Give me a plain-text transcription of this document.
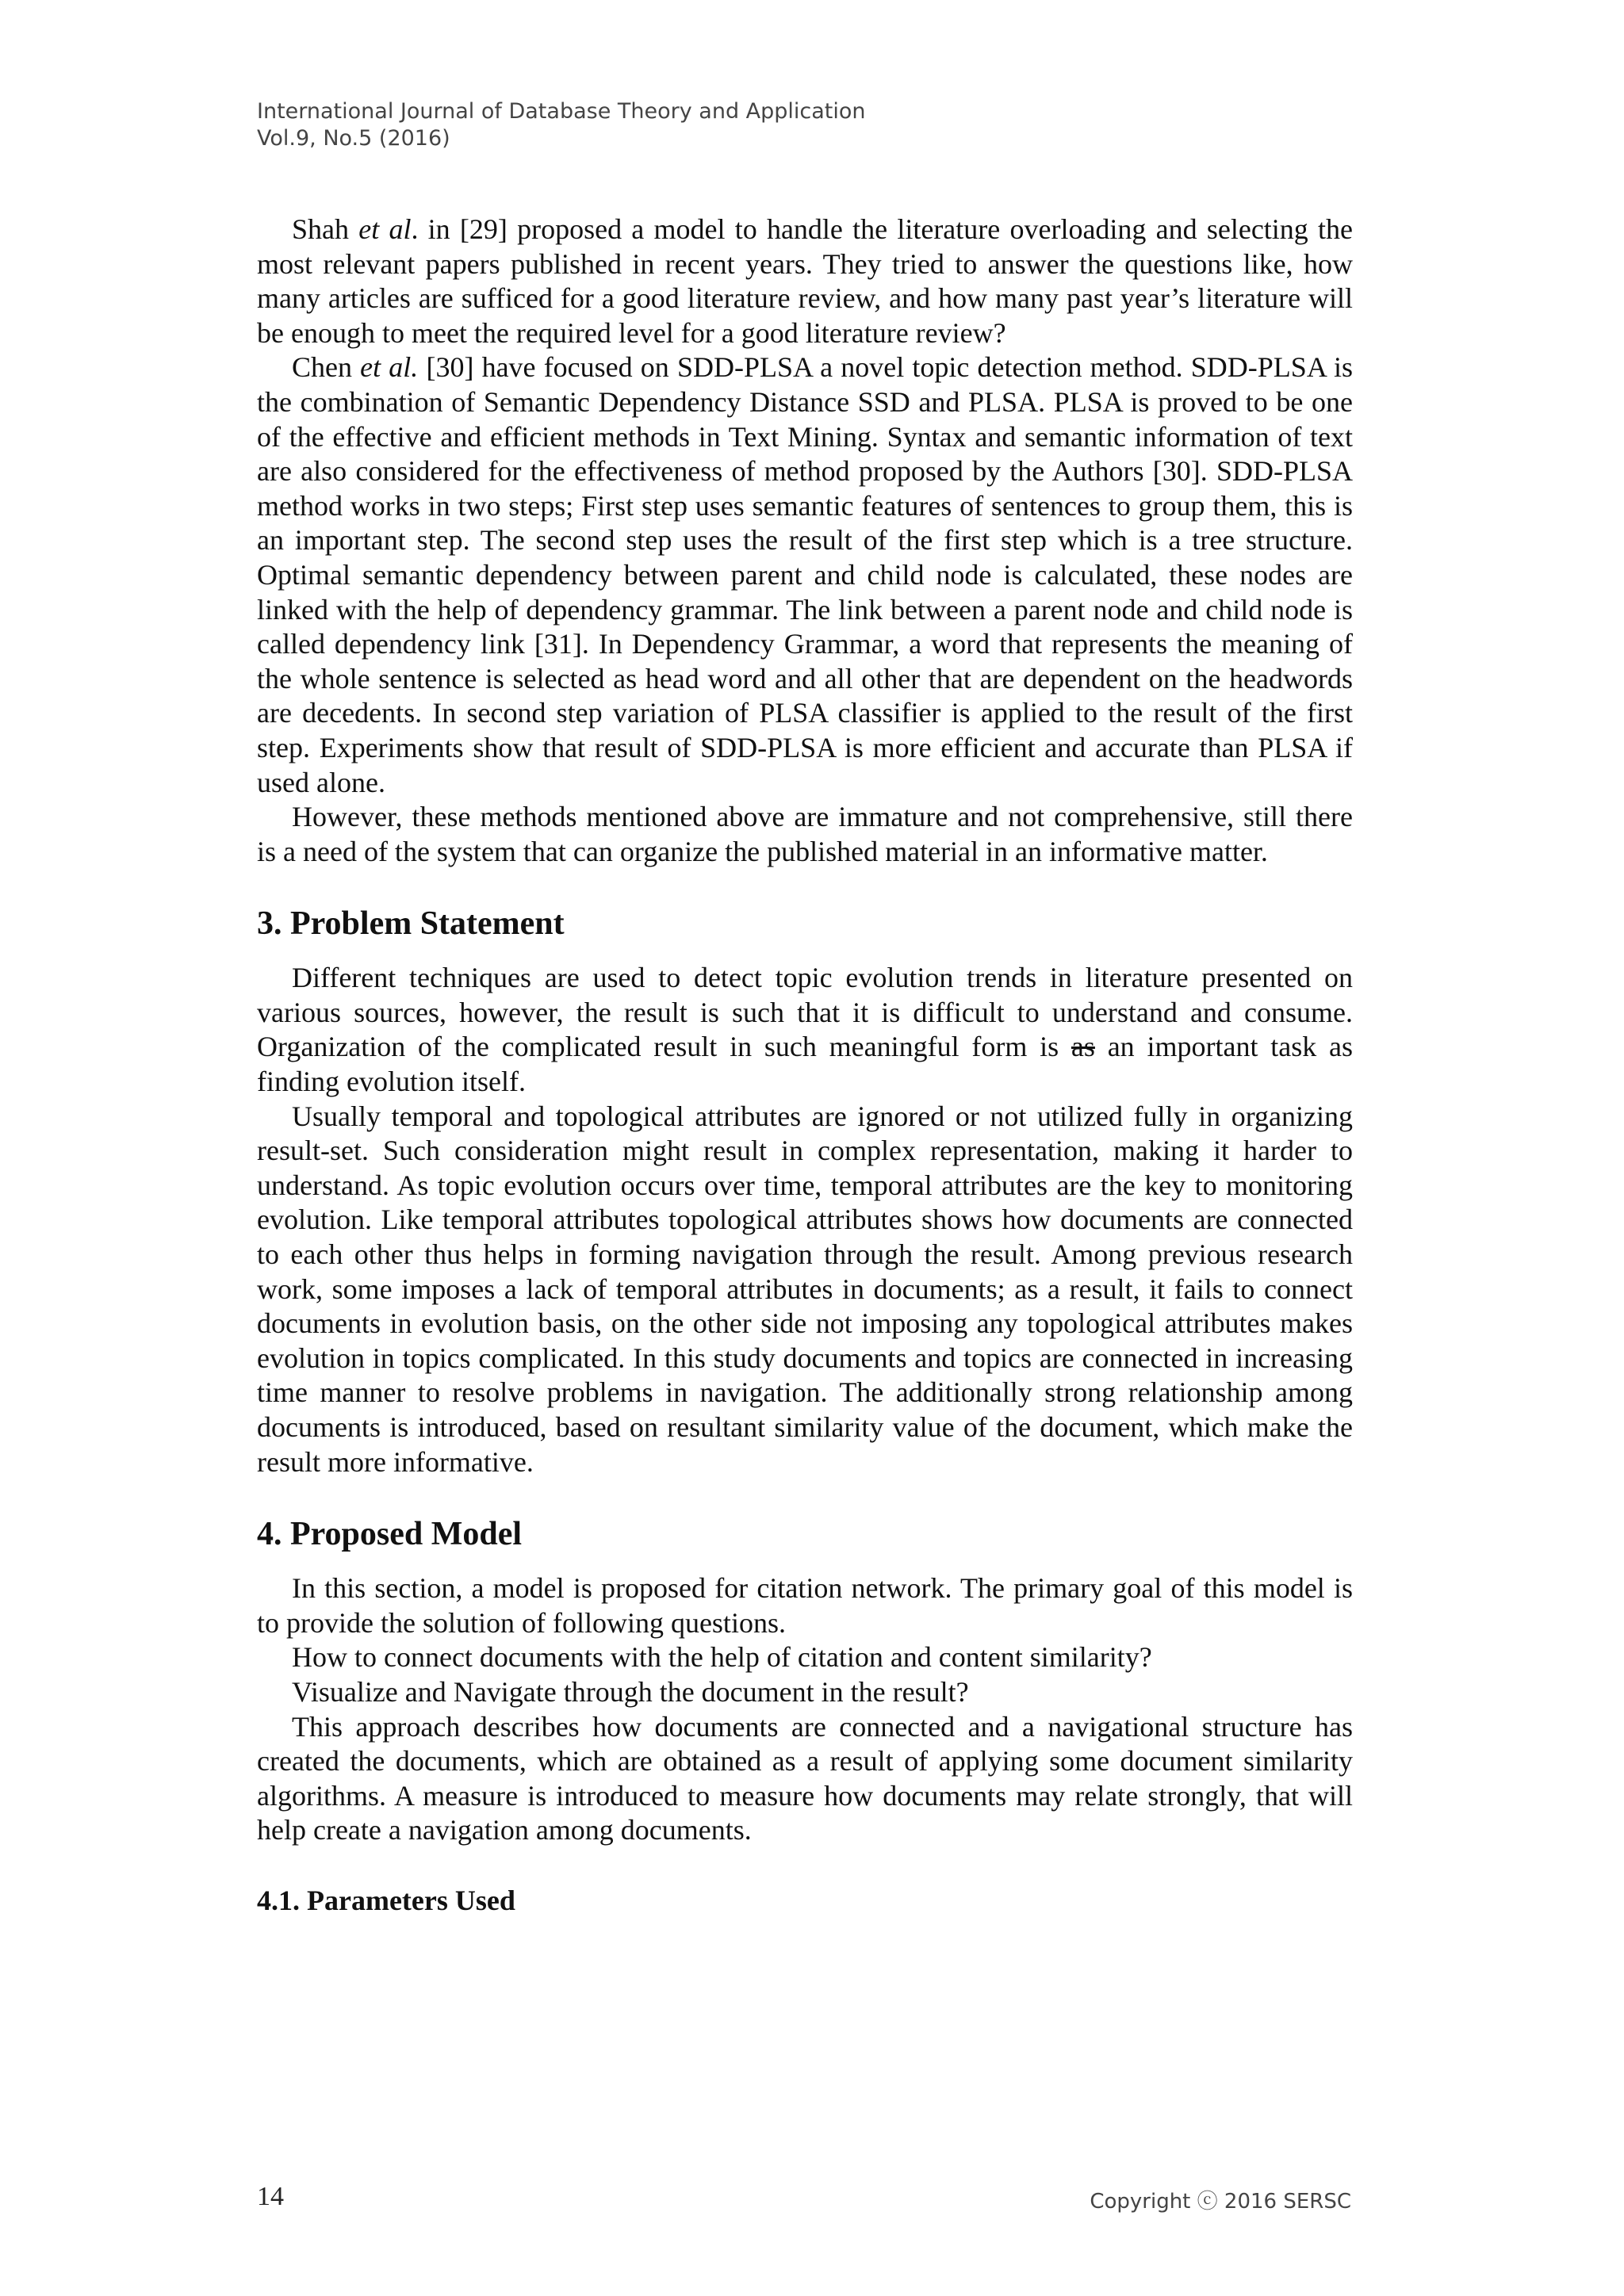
International Journal of Database Theory and Application
Vol.9, No.5 (2016)

Shah et al. in [29] proposed a model to handle the literature overloading and selecting the most relevant papers published in recent years. They tried to answer the questions like, how many articles are sufficed for a good literature review, and how many past year’s literature will be enough to meet the required level for a good literature review?

Chen et al. [30] have focused on SDD-PLSA a novel topic detection method. SDD-PLSA is the combination of Semantic Dependency Distance SSD and PLSA. PLSA is proved to be one of the effective and efficient methods in Text Mining. Syntax and semantic information of text are also considered for the effectiveness of method proposed by the Authors [30]. SDD-PLSA method works in two steps; First step uses semantic features of sentences to group them, this is an important step. The second step uses the result of the first step which is a tree structure. Optimal semantic dependency between parent and child node is calculated, these nodes are linked with the help of dependency grammar. The link between a parent node and child node is called dependency link [31]. In Dependency Grammar, a word that represents the meaning of the whole sentence is selected as head word and all other that are dependent on the headwords are decedents. In second step variation of PLSA classifier is applied to the result of the first step. Experiments show that result of SDD-PLSA is more efficient and accurate than PLSA if used alone.

However, these methods mentioned above are immature and not comprehensive, still there is a need of the system that can organize the published material in an informative matter.

3. Problem Statement

Different techniques are used to detect topic evolution trends in literature presented on various sources, however, the result is such that it is difficult to understand and consume. Organization of the complicated result in such meaningful form is as an important task as finding evolution itself.

Usually temporal and topological attributes are ignored or not utilized fully in organizing result-set. Such consideration might result in complex representation, making it harder to understand. As topic evolution occurs over time, temporal attributes are the key to monitoring evolution. Like temporal attributes topological attributes shows how documents are connected to each other thus helps in forming navigation through the result. Among previous research work, some imposes a lack of temporal attributes in documents; as a result, it fails to connect documents in evolution basis, on the other side not imposing any topological attributes makes evolution in topics complicated. In this study documents and topics are connected in increasing time manner to resolve problems in navigation. The additionally strong relationship among documents is introduced, based on resultant similarity value of the document, which make the result more informative.

4. Proposed Model

In this section, a model is proposed for citation network. The primary goal of this model is to provide the solution of following questions.

How to connect documents with the help of citation and content similarity?

Visualize and Navigate through the document in the result?

This approach describes how documents are connected and a navigational structure has created the documents, which are obtained as a result of applying some document similarity algorithms. A measure is introduced to measure how documents may relate strongly, that will help create a navigation among documents.

4.1. Parameters Used
14	Copyright ⓒ 2016 SERSC
